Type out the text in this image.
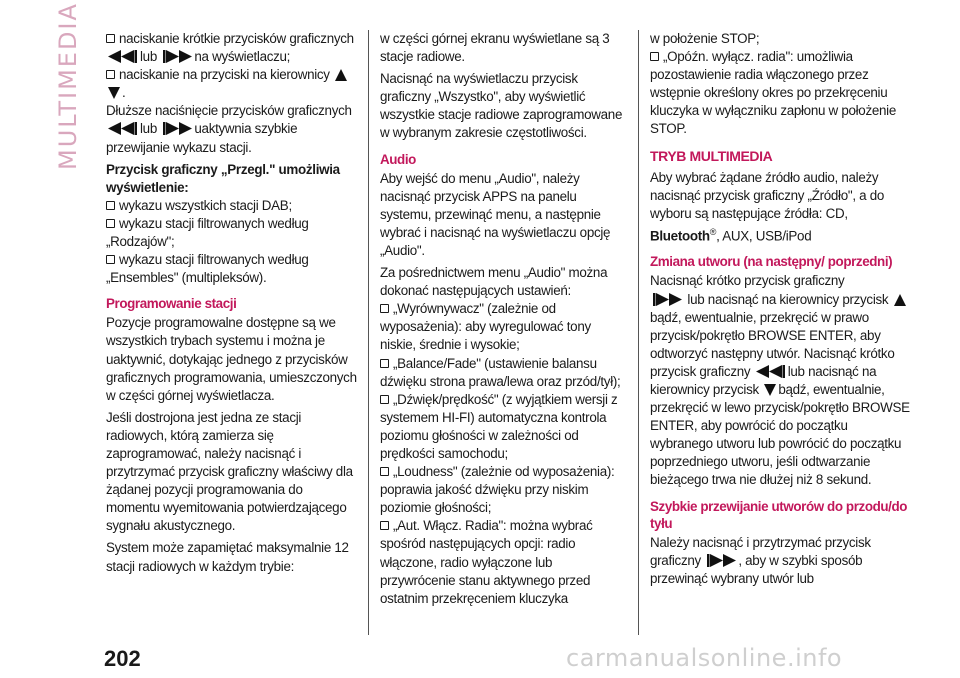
MULTIMEDIA	naciskanie krótkie przycisków graficznych lub	na wyświetlaczu;
naciskanie na przyciski na kierownicy  .

Dłuższe naciśnięcie przycisków graficznych lub	uaktywnia szybkie przewijanie wykazu stacji.

Przycisk graficzny „Przegl." umożliwia wyświetlenie:

wykazu wszystkich stacji DAB;
wykazu stacji filtrowanych według „Rodzajów";
wykazu stacji filtrowanych według „Ensembles" (multipleksów).
Programowanie stacji

Pozycje programowalne dostępne są we wszystkich trybach systemu i można je uaktywnić, dotykając jednego z przycisków graficznych programowania, umieszczonych w części górnej wyświetlacza.

Jeśli dostrojona jest jedna ze stacji radiowych, którą zamierza się zaprogramować, należy nacisnąć i przytrzymać przycisk graficzny właściwy dla żądanej pozycji programowania do momentu wyemitowania potwierdzającego sygnału akustycznego.

System może zapamiętać maksymalnie 12 stacji radiowych w każdym trybie:

w części górnej ekranu wyświetlane są 3 stacje radiowe.

Nacisnąć na wyświetlaczu przycisk graficzny „Wszystko", aby wyświetlić wszystkie stacje radiowe zaprogramowane w wybranym zakresie częstotliwości.

Audio

Aby wejść do menu „Audio", należy nacisnąć przycisk APPS na panelu systemu, przewinąć menu, a następnie wybrać i nacisnąć na wyświetlaczu opcję „Audio".

Za pośrednictwem menu „Audio" można dokonać następujących ustawień:

„Wyrównywacz" (zależnie od wyposażenia): aby wyregulować tony niskie, średnie i wysokie;
„Balance/Fade" (ustawienie balansu dźwięku strona prawa/lewa oraz przód/tył);
„Dźwięk/prędkość" (z wyjątkiem wersji z systemem HI-FI) automatyczna kontrola poziomu głośności w zależności od prędkości samochodu;
„Loudness" (zależnie od wyposażenia): poprawia jakość dźwięku przy niskim poziomie głośności;
„Aut. Włącz. Radia": można wybrać spośród następujących opcji: radio włączone, radio wyłączone lub przywrócenie stanu aktywnego przed ostatnim przekręceniem kluczyka

w położenie STOP;

„Opóźn. wyłącz. radia": umożliwia pozostawienie radia włączonego przez wstępnie określony okres po przekręceniu kluczyka w wyłączniku zapłonu w położenie STOP.
TRYB MULTIMEDIA

Aby wybrać żądane źródło audio, należy nacisnąć przycisk graficzny „Źródło", a do wyboru są następujące źródła: CD, Bluetooth®, AUX, USB/iPod

Zmiana utworu (na następny/ poprzedni)

Nacisnąć krótko przycisk graficzny
lub nacisnąć na kierownicy przycisk bądź, ewentualnie, przekręcić w prawo przycisk/pokrętło BROWSE ENTER, aby odtworzyć następny utwór. Nacisnąć krótko przycisk graficzny	lub nacisnąć na kierownicy przycisk bądź, ewentualnie, przekręcić w lewo przycisk/pokrętło BROWSE ENTER, aby powrócić do początku wybranego utworu lub powrócić do początku poprzedniego utworu, jeśli odtwarzanie bieżącego trwa nie dłużej niż 8 sekund.

Szybkie przewijanie utworów do przodu/do tyłu

Należy nacisnąć i przytrzymać przycisk graficzny	, aby w szybki sposób przewinąć wybrany utwór lub

202	carmanualsonline.info
